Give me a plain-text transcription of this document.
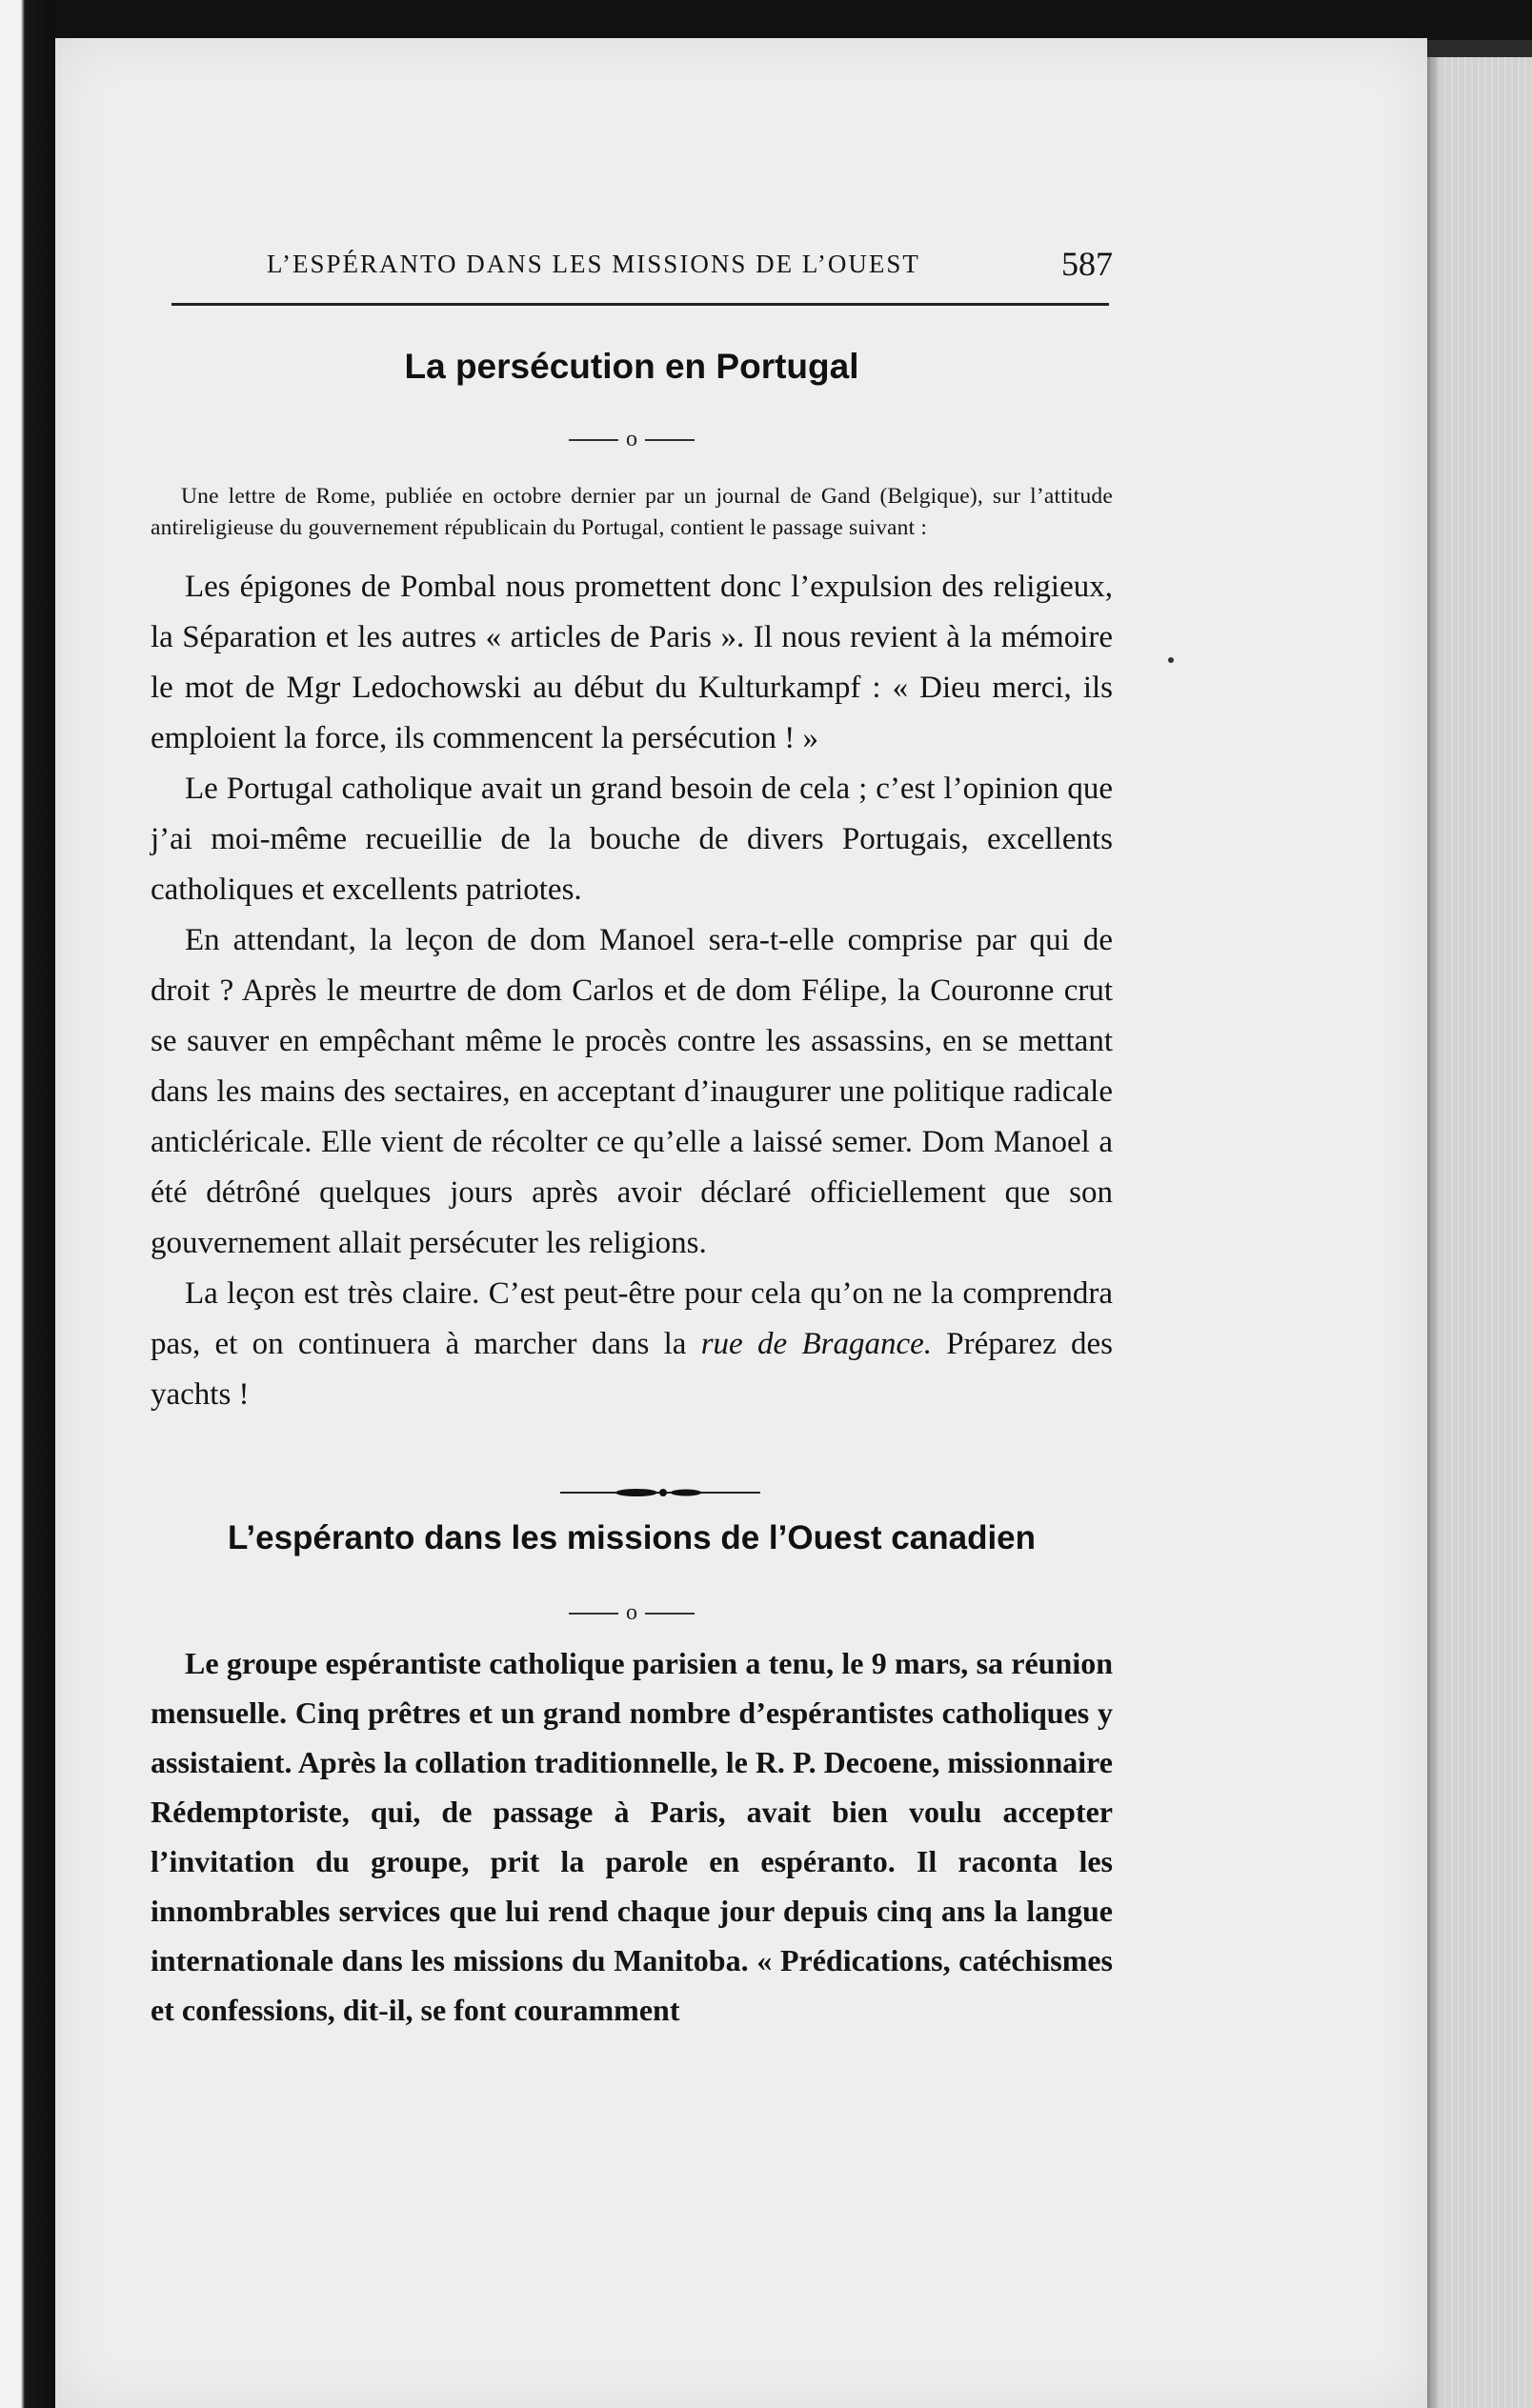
L’ESPÉRANTO DANS LES MISSIONS DE L’OUEST	587
La persécution en Portugal
o
Une lettre de Rome, publiée en octobre dernier par un journal de Gand (Belgique), sur l’attitude antireligieuse du gouvernement républicain du Portugal, contient le passage suivant :

Les épigones de Pombal nous promettent donc l’expulsion des religieux, la Séparation et les autres « articles de Paris ». Il nous revient à la mémoire le mot de Mgr Ledochowski au début du Kulturkampf : « Dieu merci, ils emploient la force, ils commencent la persécution ! »

Le Portugal catholique avait un grand besoin de cela ; c’est l’opinion que j’ai moi-même recueillie de la bouche de divers Portugais, excellents catholiques et excellents patriotes.

En attendant, la leçon de dom Manoel sera-t-elle comprise par qui de droit ? Après le meurtre de dom Carlos et de dom Félipe, la Couronne crut se sauver en empêchant même le procès contre les assassins, en se mettant dans les mains des sectaires, en acceptant d’inaugurer une politique radicale anticléricale. Elle vient de récolter ce qu’elle a laissé semer. Dom Manoel a été détrôné quelques jours après avoir déclaré officiellement que son gouvernement allait persécuter les religions.

La leçon est très claire. C’est peut-être pour cela qu’on ne la comprendra pas, et on continuera à marcher dans la rue de Bragance. Préparez des yachts !

L’espéranto dans les missions de l’Ouest canadien
o

Le groupe espérantiste catholique parisien a tenu, le 9 mars, sa réunion mensuelle. Cinq prêtres et un grand nombre d’espérantistes catholiques y assistaient. Après la collation traditionnelle, le R. P. Decoene, missionnaire Rédemptoriste, qui, de passage à Paris, avait bien voulu accepter l’invitation du groupe, prit la parole en espéranto. Il raconta les innombrables services que lui rend chaque jour depuis cinq ans la langue internationale dans les missions du Manitoba. « Prédications, catéchismes et confessions, dit-il, se font couramment
